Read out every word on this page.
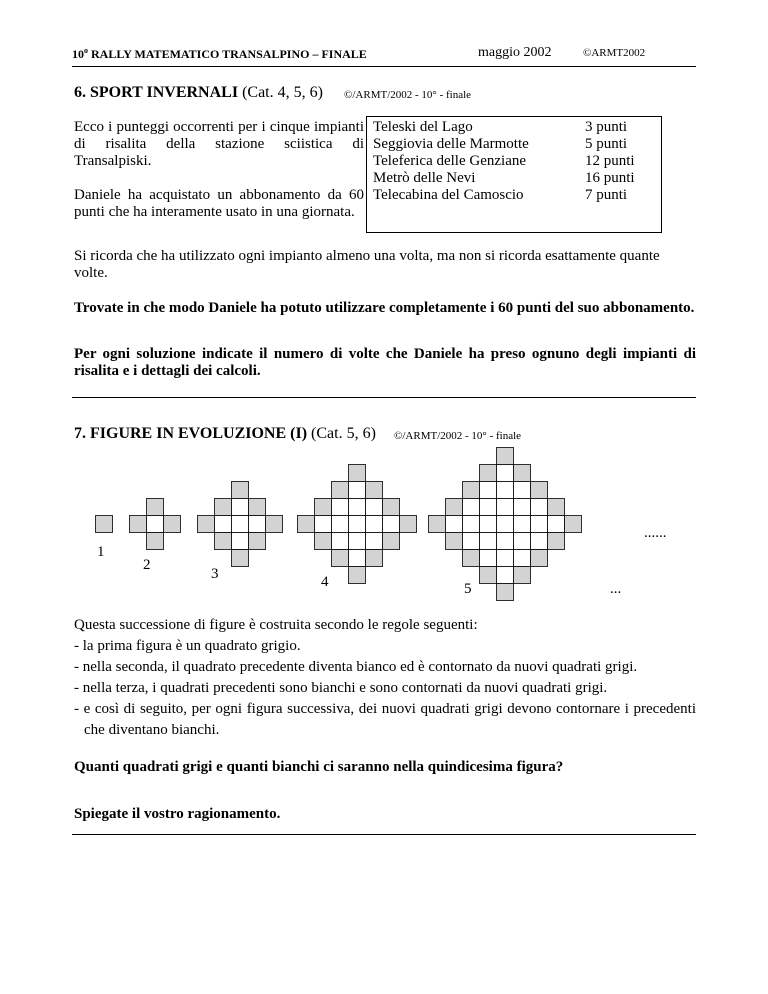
10$^o$ RALLY MATEMATICO TRANSALPINO – FINALE	maggio 2002	©ARMT2002
6. SPORT INVERNALI (Cat. 4, 5, 6) ©/ARMT/2002 - 10° - finale
Ecco i punteggi occorrenti per i cinque impianti di risalita della stazione sciistica di Transalpiski.
Daniele ha acquistato un abbonamento da 60 punti che ha interamente usato in una giornata.
Teleski del Lago	3 punti
Seggiovia delle Marmotte	5 punti
Teleferica delle Genziane	12 punti
Metrò delle Nevi	16 punti
Telecabina del Camoscio	7 punti
Si ricorda che ha utilizzato ogni impianto almeno una volta, ma non si ricorda esattamente quante volte.
Trovate in che modo Daniele ha potuto utilizzare completamente i 60 punti del suo abbonamento.
Per ogni soluzione indicate il numero di volte che Daniele ha preso ognuno degli impianti di risalita e i dettagli dei calcoli.
7. FIGURE IN EVOLUZIONE (I) (Cat. 5, 6) ©/ARMT/2002 - 10° - finale
1
2
3	4	5
......
...
Questa successione di figure è costruita secondo le regole seguenti:
- la prima figura è un quadrato grigio.
- nella seconda, il quadrato precedente diventa bianco ed è contornato da nuovi quadrati grigi.
- nella terza, i quadrati precedenti sono bianchi e sono contornati da nuovi quadrati grigi.
- e così di seguito, per ogni figura successiva, dei nuovi quadrati grigi devono contornare i precedenti che diventano bianchi.
Quanti quadrati grigi e quanti bianchi ci saranno nella quindicesima figura?
Spiegate il vostro ragionamento.
